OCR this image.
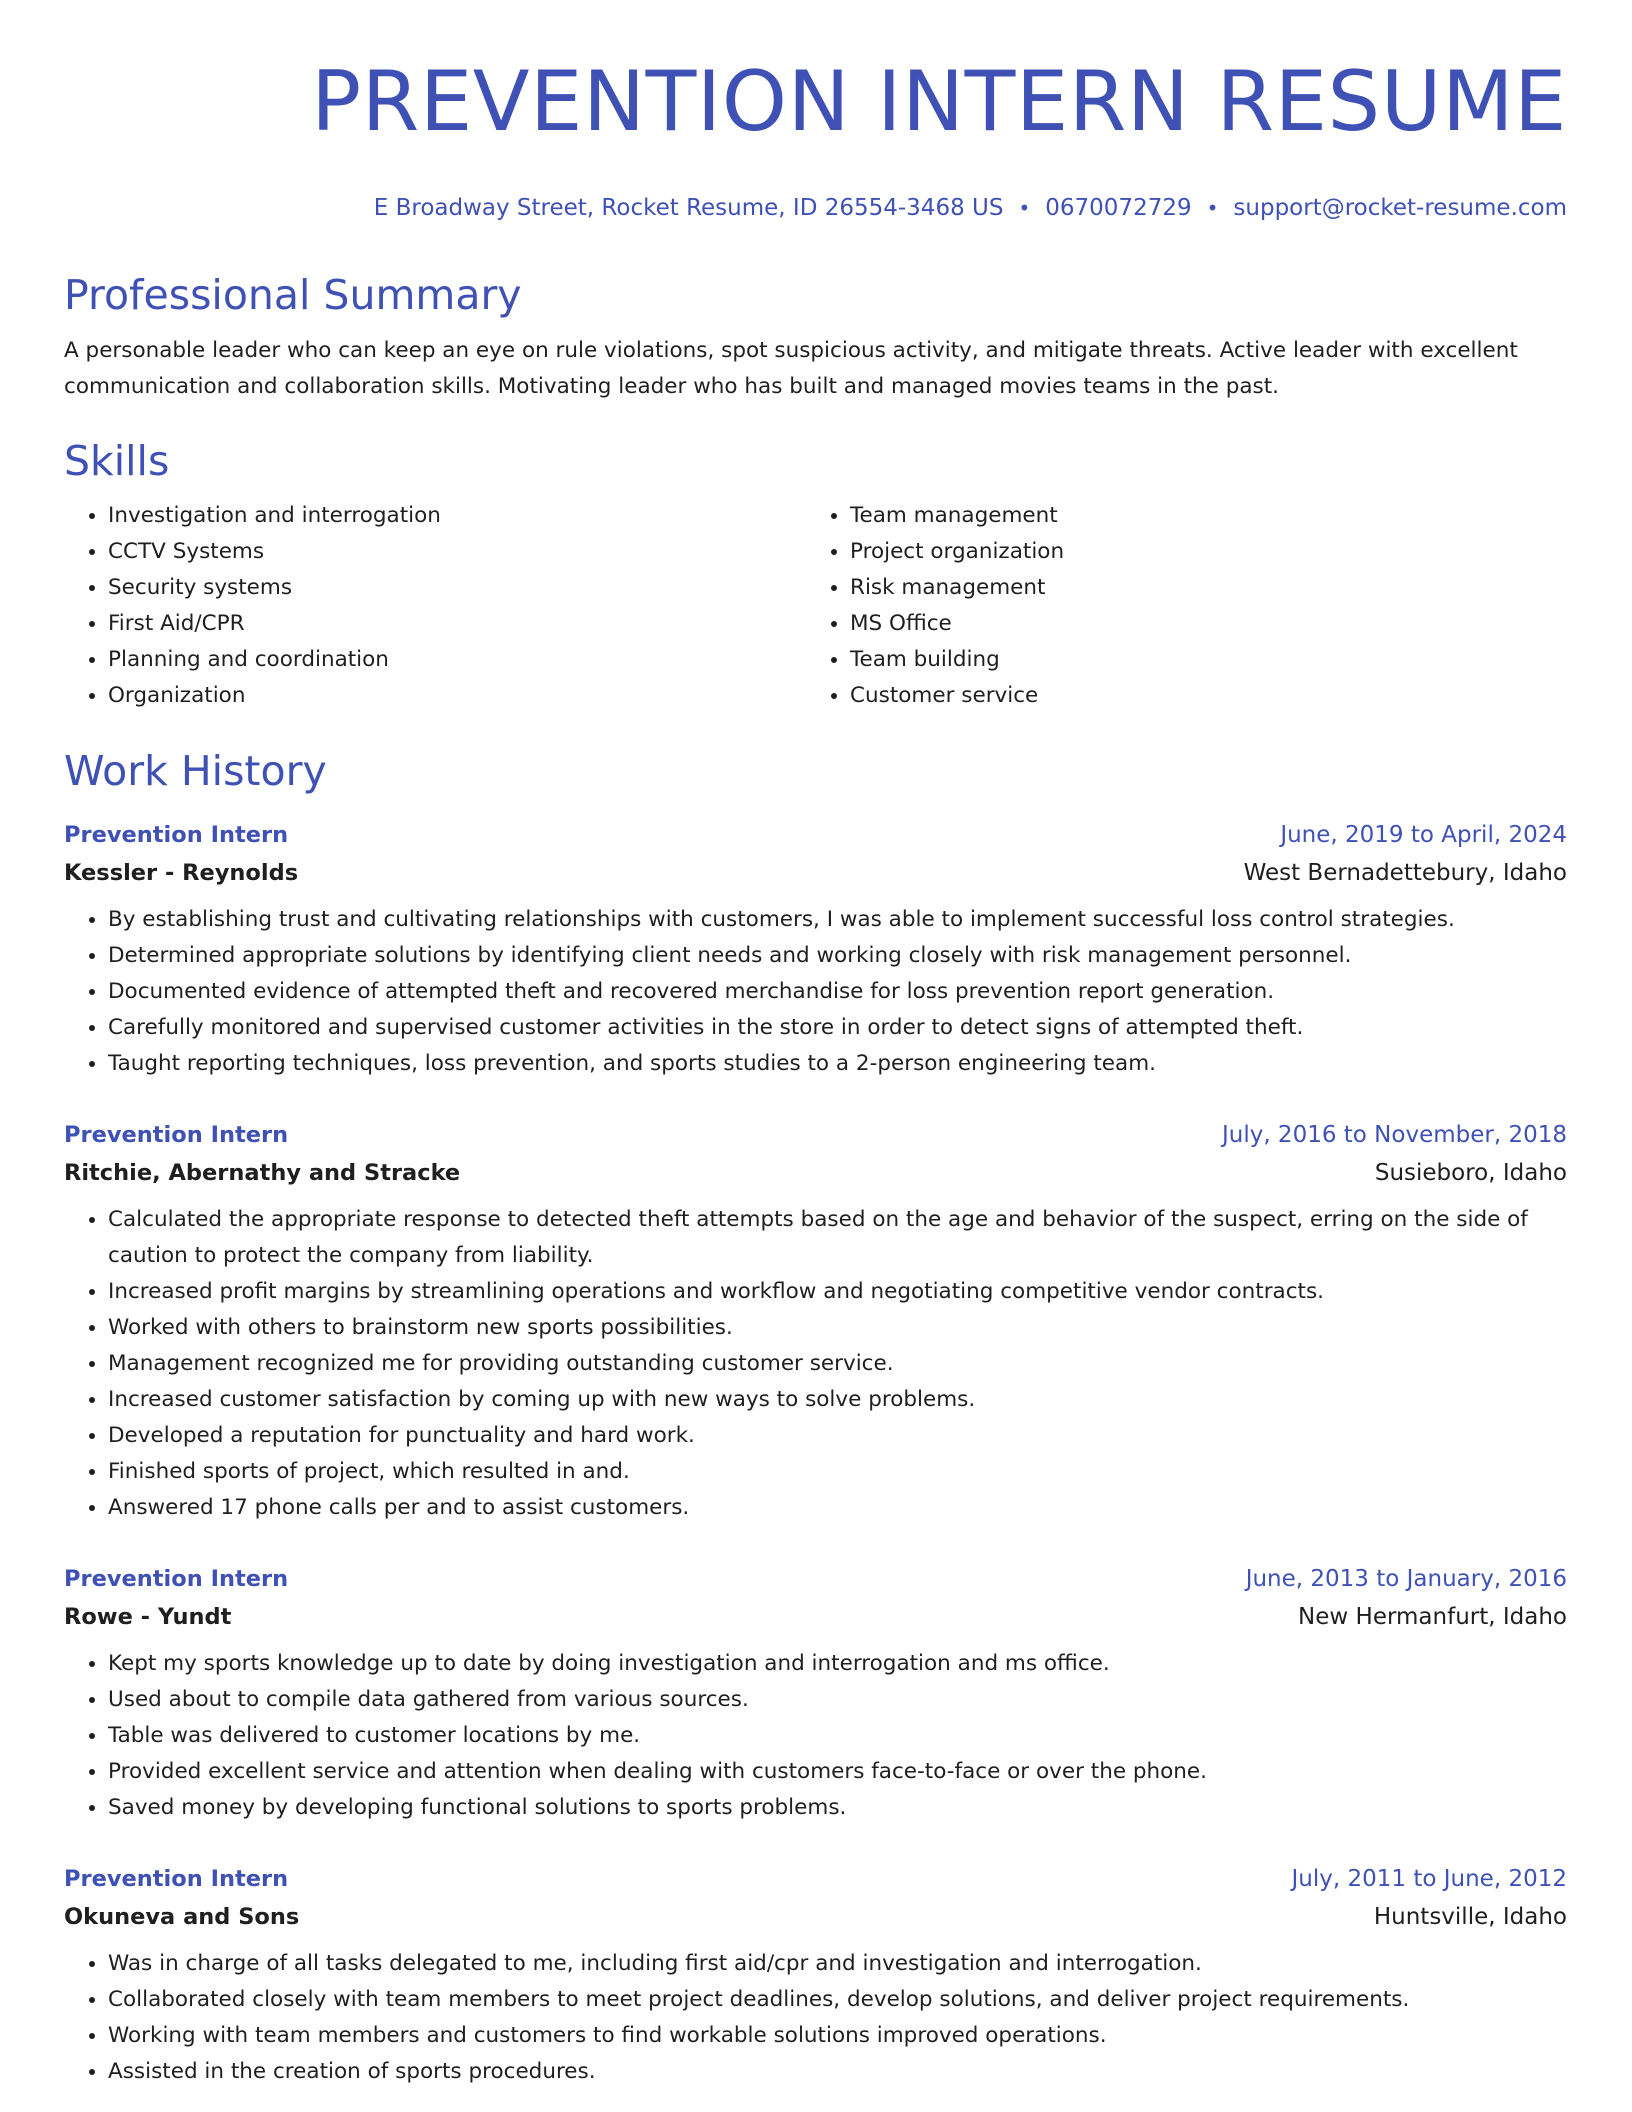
PREVENTION INTERN RESUME
E Broadway Street, Rocket Resume, ID 26554-3468 US • 0670072729 • support@rocket-resume.com
Professional Summary
A personable leader who can keep an eye on rule violations, spot suspicious activity, and mitigate threats. Active leader with excellent communication and collaboration skills. Motivating leader who has built and managed movies teams in the past.
Skills
• Investigation and interrogation
• CCTV Systems
• Security systems
• First Aid/CPR
• Planning and coordination
• Organization
• Team management
• Project organization
• Risk management
• MS Office
• Team building
• Customer service
Work History
Prevention Intern	June, 2019 to April, 2024
Kessler - Reynolds	West Bernadettebury, Idaho
• By establishing trust and cultivating relationships with customers, I was able to implement successful loss control strategies.
• Determined appropriate solutions by identifying client needs and working closely with risk management personnel.
• Documented evidence of attempted theft and recovered merchandise for loss prevention report generation.
• Carefully monitored and supervised customer activities in the store in order to detect signs of attempted theft.
• Taught reporting techniques, loss prevention, and sports studies to a 2-person engineering team.
Prevention Intern	July, 2016 to November, 2018
Ritchie, Abernathy and Stracke	Susieboro, Idaho
• Calculated the appropriate response to detected theft attempts based on the age and behavior of the suspect, erring on the side of caution to protect the company from liability.
• Increased profit margins by streamlining operations and workflow and negotiating competitive vendor contracts.
• Worked with others to brainstorm new sports possibilities.
• Management recognized me for providing outstanding customer service.
• Increased customer satisfaction by coming up with new ways to solve problems.
• Developed a reputation for punctuality and hard work.
• Finished sports of project, which resulted in and.
• Answered 17 phone calls per and to assist customers.
Prevention Intern	June, 2013 to January, 2016
Rowe - Yundt	New Hermanfurt, Idaho
• Kept my sports knowledge up to date by doing investigation and interrogation and ms office.
• Used about to compile data gathered from various sources.
• Table was delivered to customer locations by me.
• Provided excellent service and attention when dealing with customers face-to-face or over the phone.
• Saved money by developing functional solutions to sports problems.
Prevention Intern	July, 2011 to June, 2012
Okuneva and Sons	Huntsville, Idaho
• Was in charge of all tasks delegated to me, including first aid/cpr and investigation and interrogation.
• Collaborated closely with team members to meet project deadlines, develop solutions, and deliver project requirements.
• Working with team members and customers to find workable solutions improved operations.
• Assisted in the creation of sports procedures.
